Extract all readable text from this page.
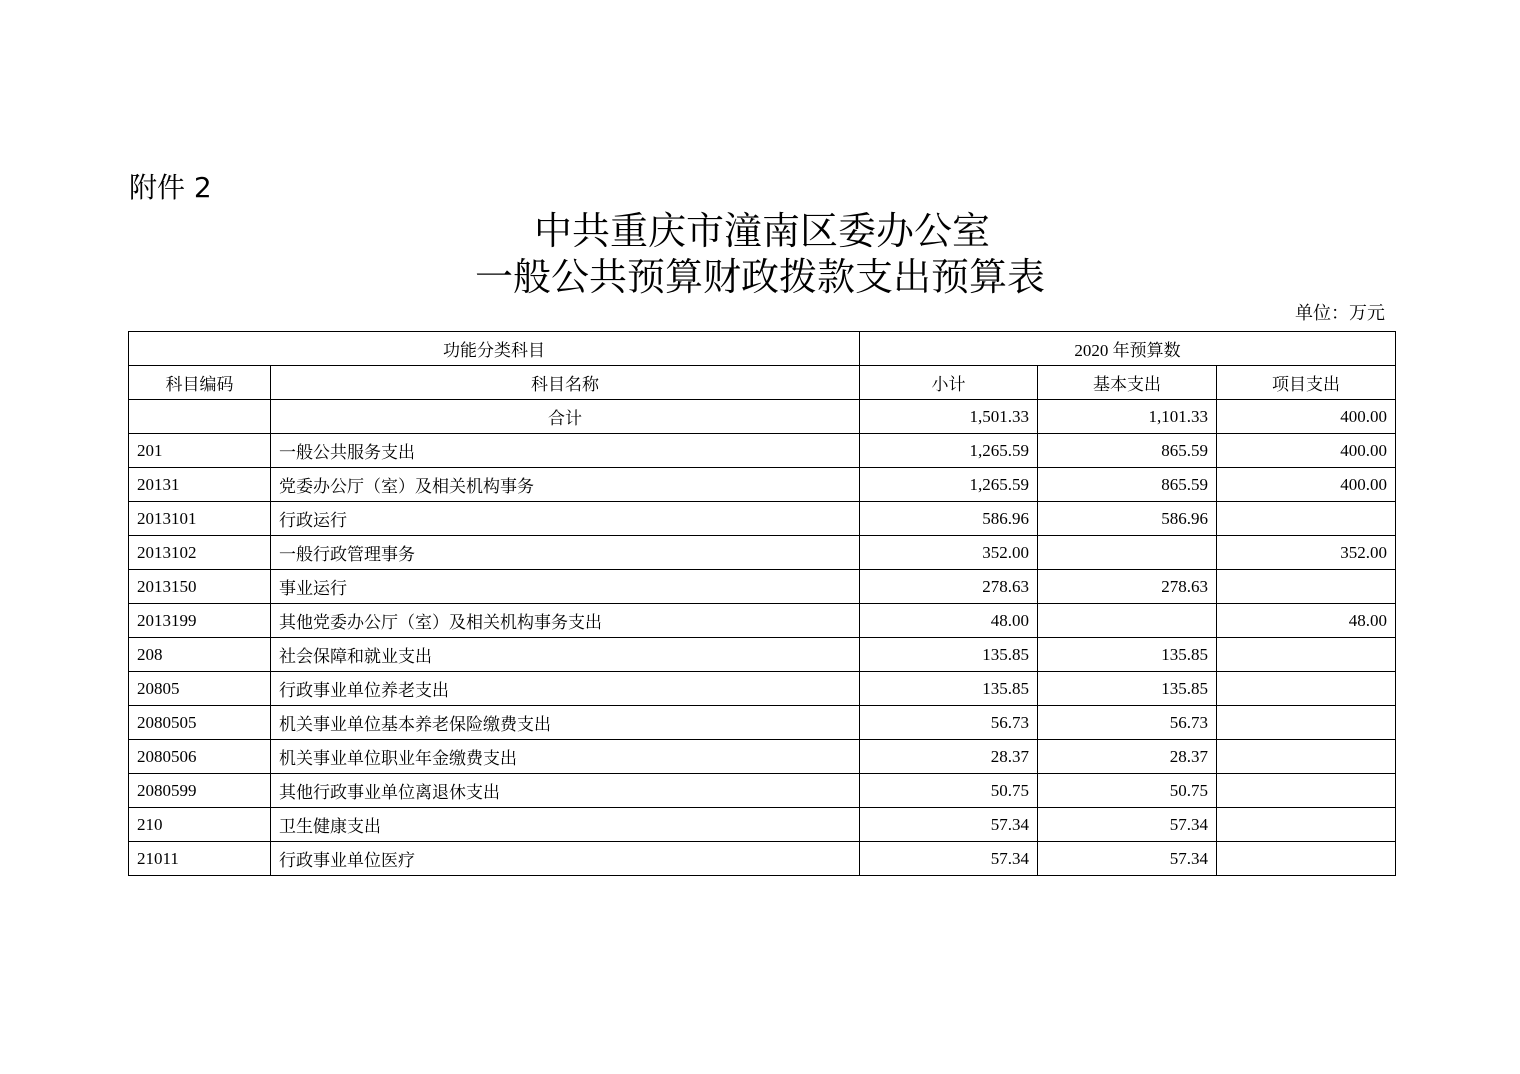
附件 2
中共重庆市潼南区委办公室
一般公共预算财政拨款支出预算表
单位：万元
功能分类科目		2020 年预算数		
科目编码	科目名称	小计	基本支出	项目支出
	合计	1,501.33	1,101.33	400.00
201	一般公共服务支出	1,265.59	865.59	400.00
20131	党委办公厅（室）及相关机构事务	1,265.59	865.59	400.00
2013101	行政运行	586.96	586.96	
2013102	一般行政管理事务	352.00		352.00
2013150	事业运行	278.63	278.63	
2013199	其他党委办公厅（室）及相关机构事务支出	48.00		48.00
208	社会保障和就业支出	135.85	135.85	
20805	行政事业单位养老支出	135.85	135.85	
2080505	机关事业单位基本养老保险缴费支出	56.73	56.73	
2080506	机关事业单位职业年金缴费支出	28.37	28.37	
2080599	其他行政事业单位离退休支出	50.75	50.75	
210	卫生健康支出	57.34	57.34	
21011	行政事业单位医疗	57.34	57.34	
